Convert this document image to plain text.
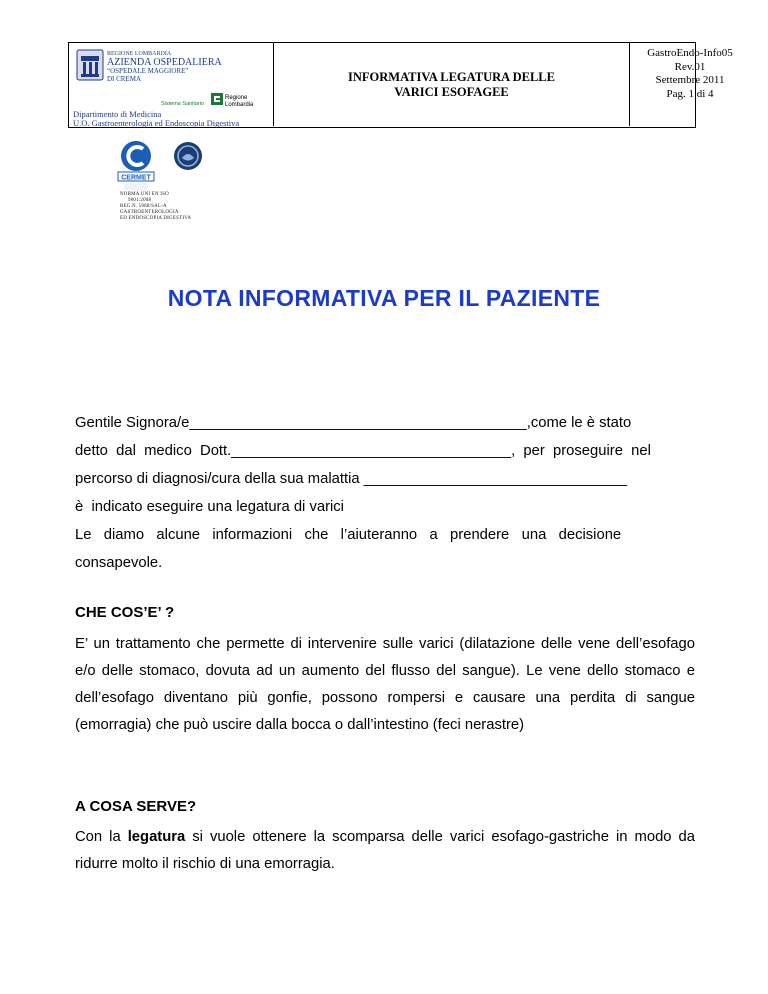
REGIONE LOMBARDIA
AZIENDA OSPEDALIERA
“OSPEDALE MAGGIORE”
DI CREMA
Sistema Sanitario
Regione
Lombardia
Dipartimento di Medicina
U.O. Gastroenterologia ed Endoscopia Digestiva
INFORMATIVA LEGATURA DELLE
VARICI ESOFAGEE
GastroEndo-Info05
Rev.01
Settembre 2011
Pag. 1 di 4
CERMET
NORMA UNI EN ISO
9001:2008
REG.N. 5088/SAL-A
GASTROENTEROLOGIA
ED ENDOSCOPIA DIGESTIVA
NOTA INFORMATIVA PER IL PAZIENTE
Gentile Signora/e_________________________________________,come le è stato
detto  dal  medico  Dott.__________________________________,  per  proseguire  nel
percorso di diagnosi/cura della sua malattia ________________________________
è  indicato eseguire una legatura di varici
Le   diamo   alcune   informazioni   che   l’aiuteranno   a   prendere   una   decisione
consapevole.
CHE COS’E’ ?
E’ un trattamento che permette di intervenire sulle varici (dilatazione delle vene dell’esofago e/o delle stomaco, dovuta ad un aumento del flusso del sangue). Le vene dello stomaco e dell’esofago diventano più gonfie, possono rompersi e causare una perdita di sangue (emorragia) che può uscire dalla bocca o dall’intestino (feci nerastre)
A COSA SERVE?
Con la legatura si vuole ottenere la scomparsa delle varici esofago-gastriche in modo da ridurre molto il rischio di una emorragia.
